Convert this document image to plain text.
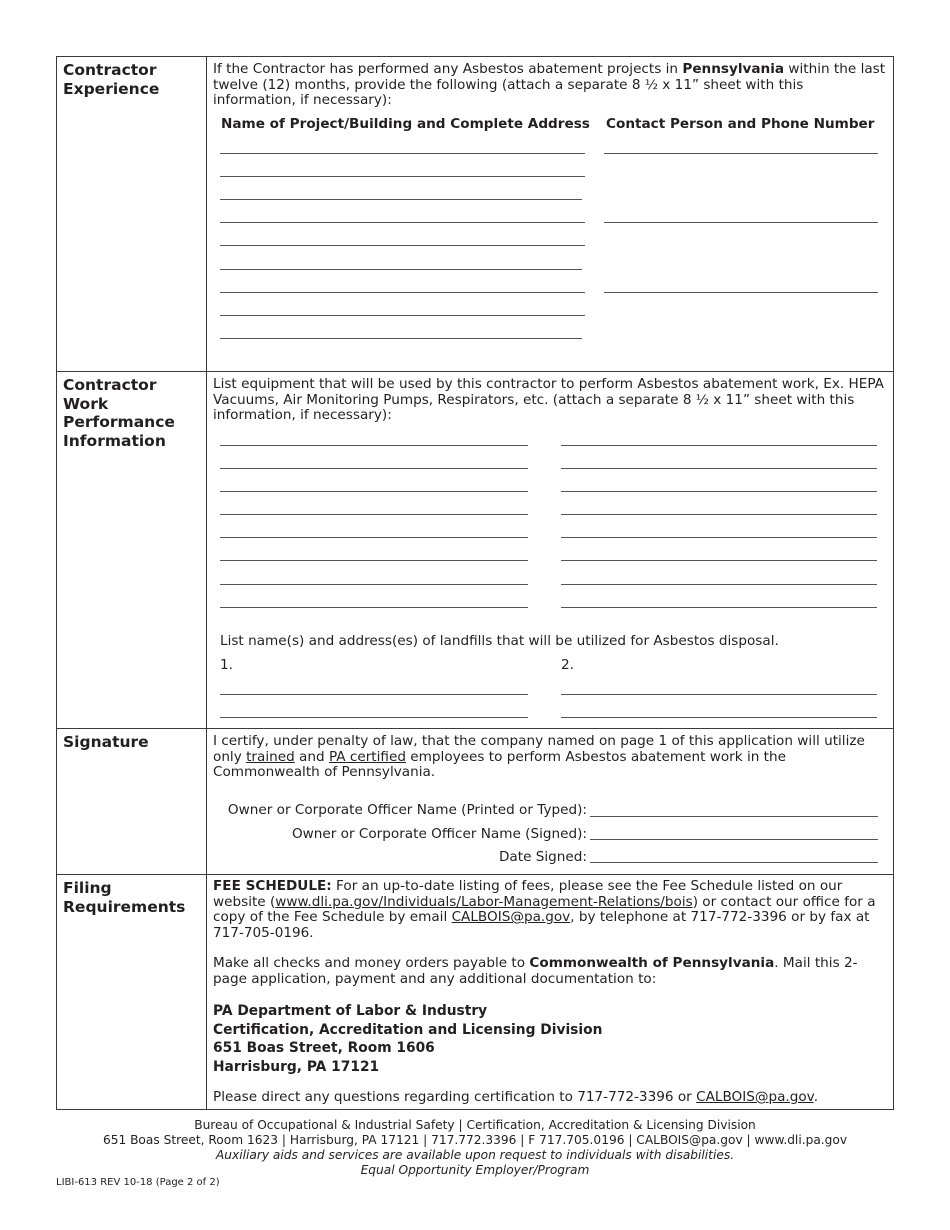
Contractor
Experience

If the Contractor has performed any Asbestos abatement projects in Pennsylvania within the last twelve (12) months, provide the following (attach a separate 8 ½ x 11” sheet with this information, if necessary):

Name of Project/Building and Complete Address Contact Person and Phone Number
Contractor
Work
Performance
Information

List equipment that will be used by this contractor to perform Asbestos abatement work, Ex. HEPA Vacuums, Air Monitoring Pumps, Respirators, etc. (attach a separate 8 ½ x 11” sheet with this information, if necessary):

List name(s) and address(es) of landfills that will be utilized for Asbestos disposal.
1.	2.
Signature	I certify, under penalty of law, that the company named on page 1 of this application will utilize only trained and PA certified employees to perform Asbestos abatement work in the Commonwealth of Pennsylvania.

Owner or Corporate Officer Name (Printed or Typed):
Owner or Corporate Officer Name (Signed):
Date Signed:
Filing
Requirements

FEE SCHEDULE: For an up-to-date listing of fees, please see the Fee Schedule listed on our website (www.dli.pa.gov/Individuals/Labor-Management-Relations/bois) or contact our office for a copy of the Fee Schedule by email CALBOIS@pa.gov, by telephone at 717-772-3396 or by fax at 717-705-0196.

Make all checks and money orders payable to Commonwealth of Pennsylvania. Mail this 2-page application, payment and any additional documentation to:

PA Department of Labor & Industry
Certification, Accreditation and Licensing Division
651 Boas Street, Room 1606
Harrisburg, PA 17121
Please direct any questions regarding certification to 717-772-3396 or CALBOIS@pa.gov.
Bureau of Occupational & Industrial Safety | Certification, Accreditation & Licensing Division
651 Boas Street, Room 1623 | Harrisburg, PA 17121 | 717.772.3396 | F 717.705.0196 | CALBOIS@pa.gov | www.dli.pa.gov
Auxiliary aids and services are available upon request to individuals with disabilities.
Equal Opportunity Employer/Program
LIBI-613 REV 10-18 (Page 2 of 2)
